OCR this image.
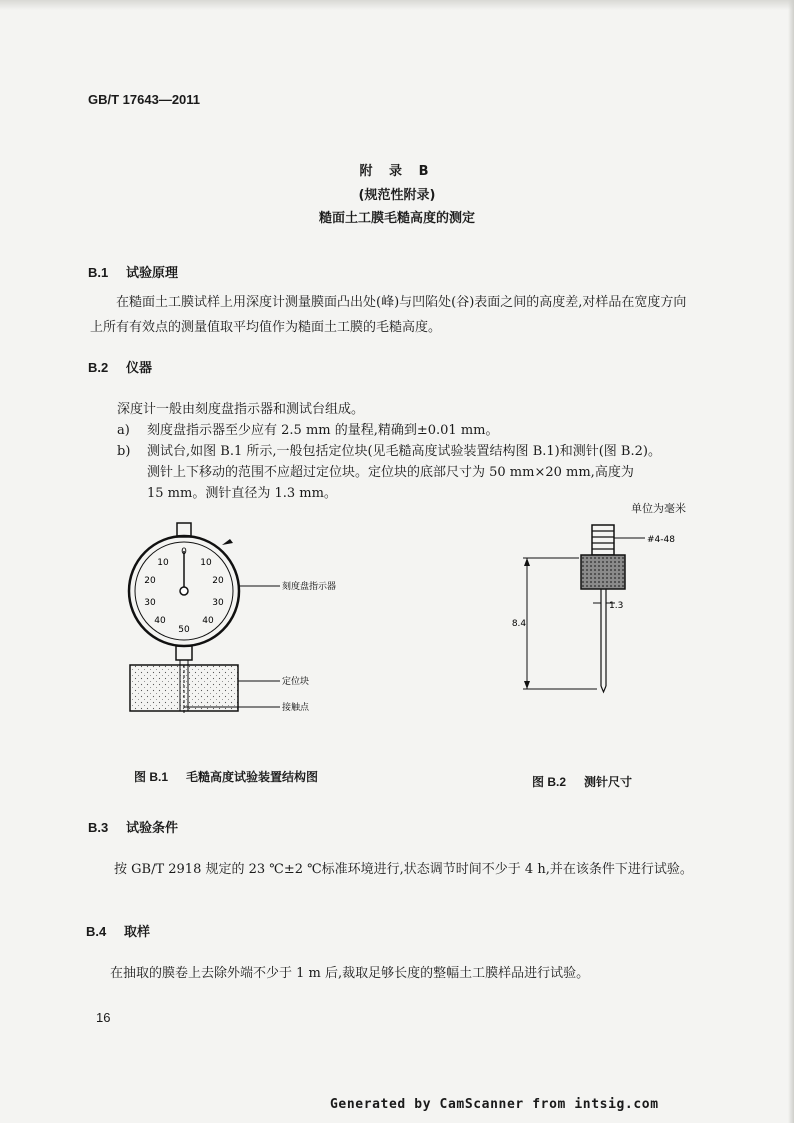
GB/T 17643—2011
附 录 B
(规范性附录)
糙面土工膜毛糙高度的测定
B.1 试验原理
在糙面土工膜试样上用深度计测量膜面凸出处(峰)与凹陷处(谷)表面之间的高度差,对样品在宽度方向上所有有效点的测量值取平均值作为糙面土工膜的毛糙高度。
B.2 仪器
深度计一般由刻度盘指示器和测试台组成。
a) 刻度盘指示器至少应有 2.5 mm 的量程,精确到±0.01 mm。
b) 测试台,如图 B.1 所示,一般包括定位块(见毛糙高度试验装置结构图 B.1)和测针(图 B.2)。
测针上下移动的范围不应超过定位块。定位块的底部尺寸为 50 mm×20 mm,高度为
15 mm。测针直径为 1.3 mm。
单位为毫米
0
10	10
20	20
30	30
40	40
50
刻度盘指示器
定位块
接触点
图 B.1 毛糙高度试验装置结构图
#4-48
1.3
8.4
图 B.2 测针尺寸
B.3 试验条件
按 GB/T 2918 规定的 23 ℃±2 ℃标准环境进行,状态调节时间不少于 4 h,并在该条件下进行试验。
B.4 取样
在抽取的膜卷上去除外端不少于 1 m 后,裁取足够长度的整幅土工膜样品进行试验。
16
Generated by CamScanner from intsig.com
